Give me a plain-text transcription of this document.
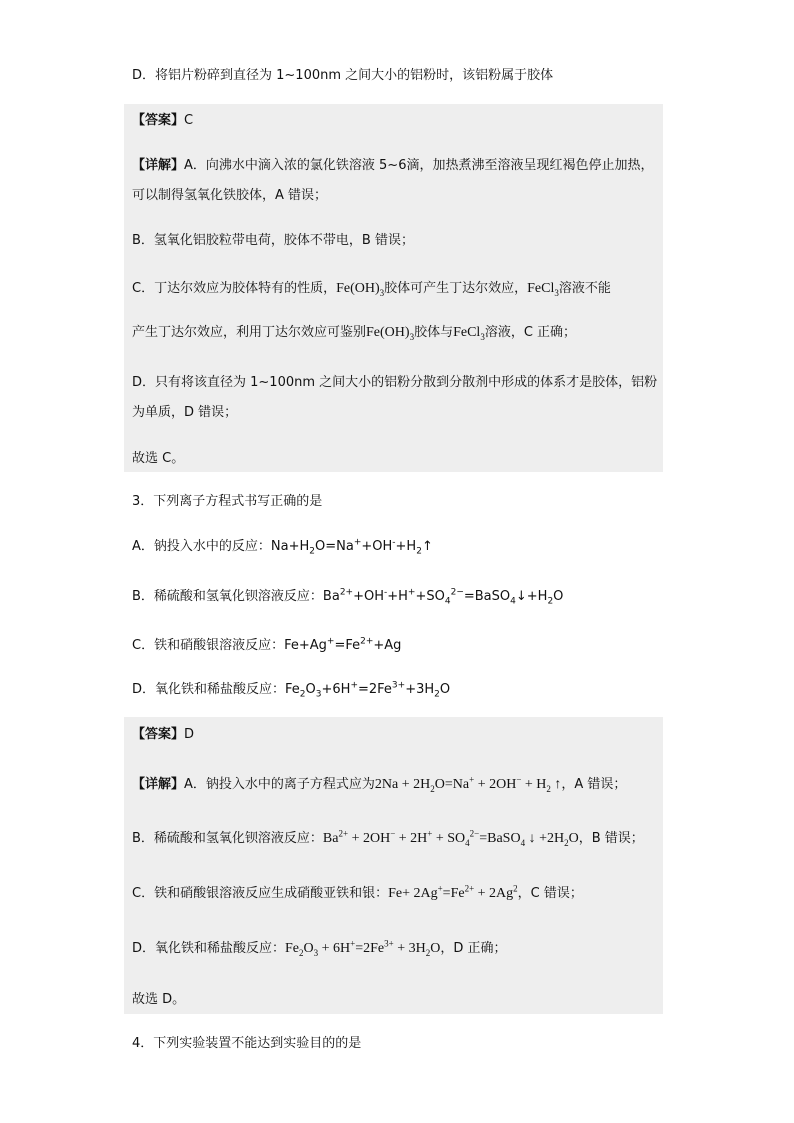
D．将铝片粉碎到直径为 1~100nm 之间大小的铝粉时，该铝粉属于胶体
【答案】C
【详解】A．向沸水中滴入浓的氯化铁溶液 5~6滴，加热煮沸至溶液呈现红褐色停止加热，可以制得氢氧化铁胶体，A 错误；
B．氢氧化铝胶粒带电荷，胶体不带电，B 错误；
C．丁达尔效应为胶体特有的性质，$Fe(OH)_3$胶体可产生丁达尔效应，FeCl$_3$溶液不能
产生丁达尔效应，利用丁达尔效应可鉴别$Fe(OH)_3$胶体与FeCl$_3$溶液，C 正确；
D．只有将该直径为 1~100nm 之间大小的铝粉分散到分散剂中形成的体系才是胶体，铝粉为单质，D 错误；
故选 C。
3．下列离子方程式书写正确的是
A．钠投入水中的反应：$Na+H_2O=Na^++OH^-+H_2↑$
B．稀硫酸和氢氧化钡溶液反应：$Ba^{2+}+OH^-+H^++SO_4^{2-}=BaSO_4↓+H_2O$
C．铁和硝酸银溶液反应：$Fe+Ag^+=Fe^{2+}+Ag$
D．氧化铁和稀盐酸反应：$Fe_2O_3+6H^+=2Fe^{3+}+3H_2O$
【答案】D
【详解】A．钠投入水中的离子方程式应为$2Na + 2H_2O=Na^+ + 2OH^- + H_2$ ↑，A 错误；
B．稀硫酸和氢氧化钡溶液反应：$Ba^{2+} + 2OH^- + 2H^+$ + $SO_4^{2-}=BaSO_4$ ↓ $+2H_2O$，B 错误；
C．铁和硝酸银溶液反应生成硝酸亚铁和银：$Fe+ 2Ag^+=Fe^{2+} + 2Ag^2$，C 错误；
D．氧化铁和稀盐酸反应：$Fe_2O_3 + 6H^+=2Fe^{3+} + 3H_2O$，D 正确；
故选 D。
4．下列实验装置不能达到实验目的的是
